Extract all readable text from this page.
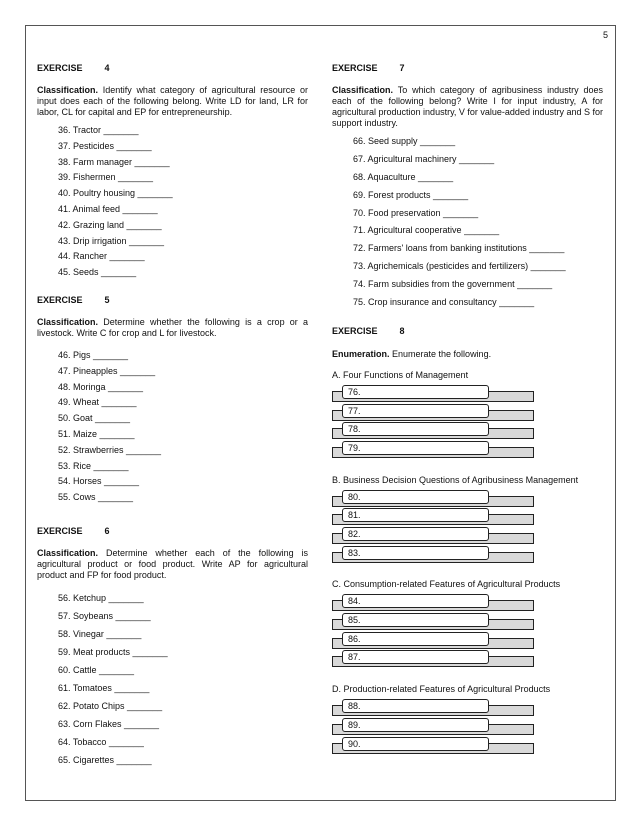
5
EXERCISE 4
Classification. Identify what category of agricultural resource or input does each of the following belong. Write LD for land, LR for labor, CL for capital and EP for entrepreneurship.
36. Tractor _______
37. Pesticides _______
38. Farm manager _______
39. Fishermen _______
40. Poultry housing _______
41. Animal feed _______
42. Grazing land _______
43. Drip irrigation _______
44. Rancher _______
45. Seeds _______
EXERCISE 5
Classification. Determine whether the following is a crop or a livestock. Write C for crop and L for livestock.
46. Pigs _______
47. Pineapples _______
48. Moringa _______
49. Wheat _______
50. Goat _______
51. Maize _______
52. Strawberries _______
53. Rice _______
54. Horses _______
55. Cows _______
EXERCISE 6
Classification. Determine whether each of the following is agricultural product or food product. Write AP for agricultural product and FP for food product.
56. Ketchup _______
57. Soybeans _______
58. Vinegar _______
59. Meat products _______
60. Cattle _______
61. Tomatoes _______
62. Potato Chips _______
63. Corn Flakes _______
64. Tobacco _______
65. Cigarettes _______
EXERCISE 7
Classification. To which category of agribusiness industry does each of the following belong? Write I for input industry, A for agricultural production industry, V for value-added industry and S for support industry.
66. Seed supply _______
67. Agricultural machinery _______
68. Aquaculture _______
69. Forest products _______
70. Food preservation _______
71. Agricultural cooperative _______
72. Farmers' loans from banking institutions _______
73. Agrichemicals (pesticides and fertilizers) _______
74. Farm subsidies from the government _______
75. Crop insurance and consultancy _______
EXERCISE 8
Enumeration. Enumerate the following.
A. Four Functions of Management
76.
77.
78.
79.
B. Business Decision Questions of Agribusiness Management
80.
81.
82.
83.
C. Consumption-related Features of Agricultural Products
84.
85.
86.
87.
D. Production-related Features of Agricultural Products
88.
89.
90.
